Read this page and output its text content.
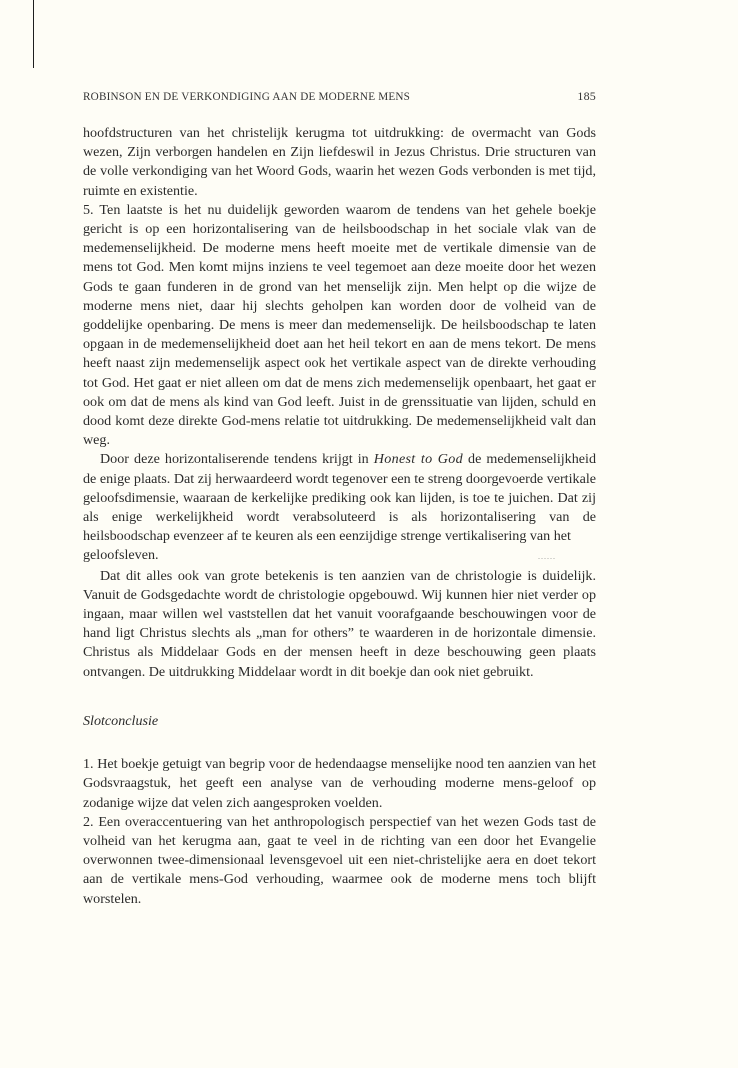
ROBINSON EN DE VERKONDIGING AAN DE MODERNE MENS	185

hoofdstructuren van het christelijk kerugma tot uitdrukking: de overmacht van Gods wezen, Zijn verborgen handelen en Zijn liefdeswil in Jezus Christus. Drie structuren van de volle verkondiging van het Woord Gods, waarin het wezen Gods verbonden is met tijd, ruimte en existentie.

5. Ten laatste is het nu duidelijk geworden waarom de tendens van het gehele boekje gericht is op een horizontalisering van de heilsboodschap in het sociale vlak van de medemenselijkheid. De moderne mens heeft moeite met de vertikale dimensie van de mens tot God. Men komt mijns inziens te veel tegemoet aan deze moeite door het wezen Gods te gaan funderen in de grond van het menselijk zijn. Men helpt op die wijze de moderne mens niet, daar hij slechts geholpen kan worden door de volheid van de goddelijke openbaring. De mens is meer dan medemenselijk. De heilsboodschap te laten opgaan in de medemenselijkheid doet aan het heil tekort en aan de mens tekort. De mens heeft naast zijn medemenselijk aspect ook het vertikale aspect van de direkte verhouding tot God. Het gaat er niet alleen om dat de mens zich medemenselijk openbaart, het gaat er ook om dat de mens als kind van God leeft. Juist in de grenssituatie van lijden, schuld en dood komt deze direkte God-mens relatie tot uitdrukking. De medemenselijkheid valt dan weg.

Door deze horizontaliserende tendens krijgt in Honest to God de medemenselijkheid de enige plaats. Dat zij herwaardeerd wordt tegenover een te streng doorgevoerde vertikale geloofsdimensie, waaraan de kerkelijke prediking ook kan lijden, is toe te juichen. Dat zij als enige werkelijkheid wordt verabsoluteerd is als horizontalisering van de heilsboodschap evenzeer af te keuren als een eenzijdige strenge vertikalisering van het

geloofsleven.	......

Dat dit alles ook van grote betekenis is ten aanzien van de christologie is duidelijk. Vanuit de Godsgedachte wordt de christologie opgebouwd. Wij kunnen hier niet verder op ingaan, maar willen wel vaststellen dat het vanuit voorafgaande beschouwingen voor de hand ligt Christus slechts als „man for others” te waarderen in de horizontale dimensie. Christus als Middelaar Gods en der mensen heeft in deze beschouwing geen plaats ontvangen. De uitdrukking Middelaar wordt in dit boekje dan ook niet gebruikt.

Slotconclusie

1. Het boekje getuigt van begrip voor de hedendaagse menselijke nood ten aanzien van het Godsvraagstuk, het geeft een analyse van de verhouding moderne mens-geloof op zodanige wijze dat velen zich aangesproken voelden.

2. Een overaccentuering van het anthropologisch perspectief van het wezen Gods tast de volheid van het kerugma aan, gaat te veel in de richting van een door het Evangelie overwonnen twee-dimensionaal levensgevoel uit een niet-christelijke aera en doet tekort aan de vertikale mens-God verhouding, waarmee ook de moderne mens toch blijft worstelen.
